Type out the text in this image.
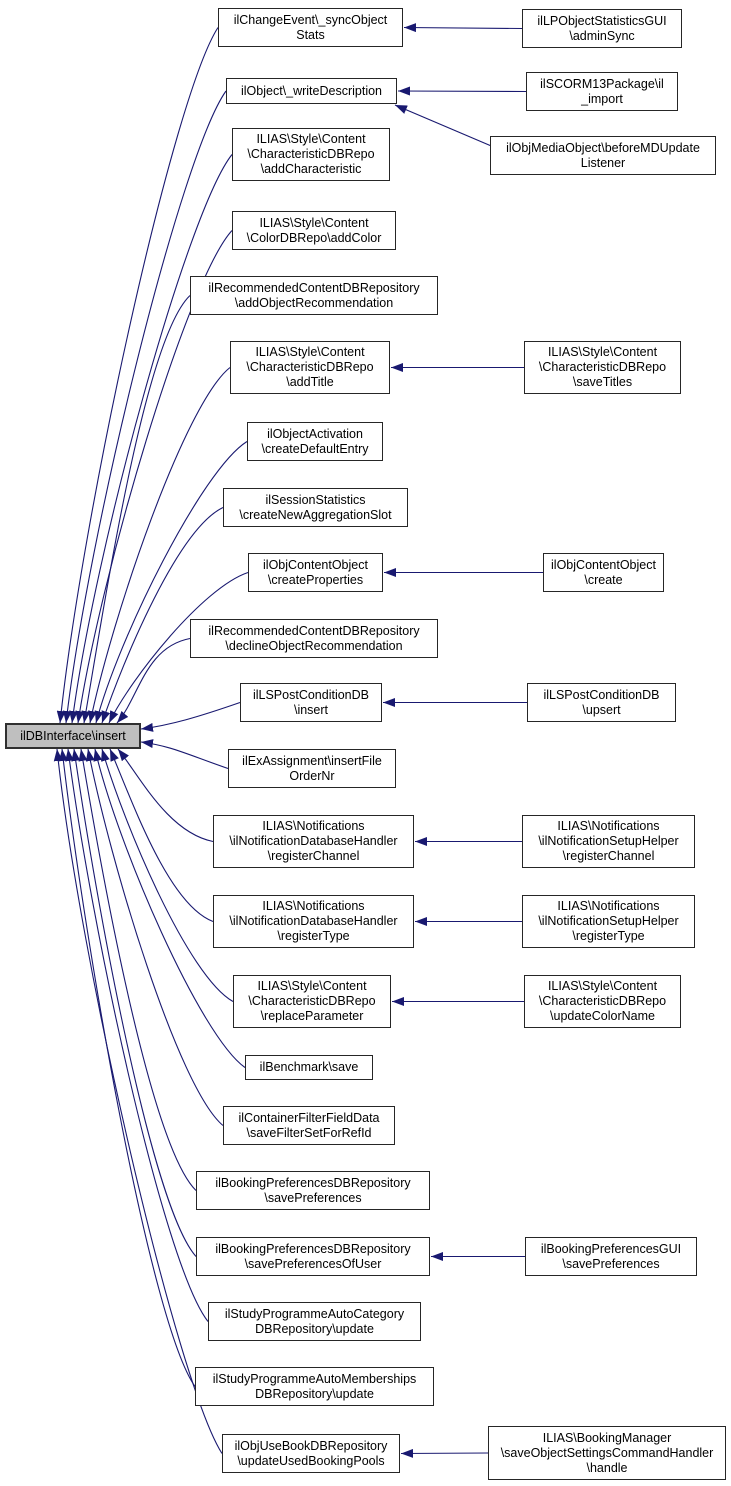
ilDBInterface\insert
ilChangeEvent\_syncObject
Stats
ilObject\_writeDescription
ILIAS\Style\Content
\CharacteristicDBRepo
\addCharacteristic
ILIAS\Style\Content
\ColorDBRepo\addColor
ilRecommendedContentDBRepository
\addObjectRecommendation
ILIAS\Style\Content
\CharacteristicDBRepo
\addTitle
ilObjectActivation
\createDefaultEntry
ilSessionStatistics
\createNewAggregationSlot
ilObjContentObject
\createProperties
ilRecommendedContentDBRepository
\declineObjectRecommendation
ilLSPostConditionDB
\insert
ilExAssignment\insertFile
OrderNr
ILIAS\Notifications
\ilNotificationDatabaseHandler
\registerChannel
ILIAS\Notifications
\ilNotificationDatabaseHandler
\registerType
ILIAS\Style\Content
\CharacteristicDBRepo
\replaceParameter
ilBenchmark\save
ilContainerFilterFieldData
\saveFilterSetForRefId
ilBookingPreferencesDBRepository
\savePreferences
ilBookingPreferencesDBRepository
\savePreferencesOfUser
ilStudyProgrammeAutoCategory
DBRepository\update
ilStudyProgrammeAutoMemberships
DBRepository\update
ilObjUseBookDBRepository
\updateUsedBookingPools
ilLPObjectStatisticsGUI
\adminSync
ilSCORM13Package\il
_import
ilObjMediaObject\beforeMDUpdate
Listener
ILIAS\Style\Content
\CharacteristicDBRepo
\saveTitles
ilObjContentObject
\create
ilLSPostConditionDB
\upsert
ILIAS\Notifications
\ilNotificationSetupHelper
\registerChannel
ILIAS\Notifications
\ilNotificationSetupHelper
\registerType
ILIAS\Style\Content
\CharacteristicDBRepo
\updateColorName
ilBookingPreferencesGUI
\savePreferences
ILIAS\BookingManager
\saveObjectSettingsCommandHandler
\handle
